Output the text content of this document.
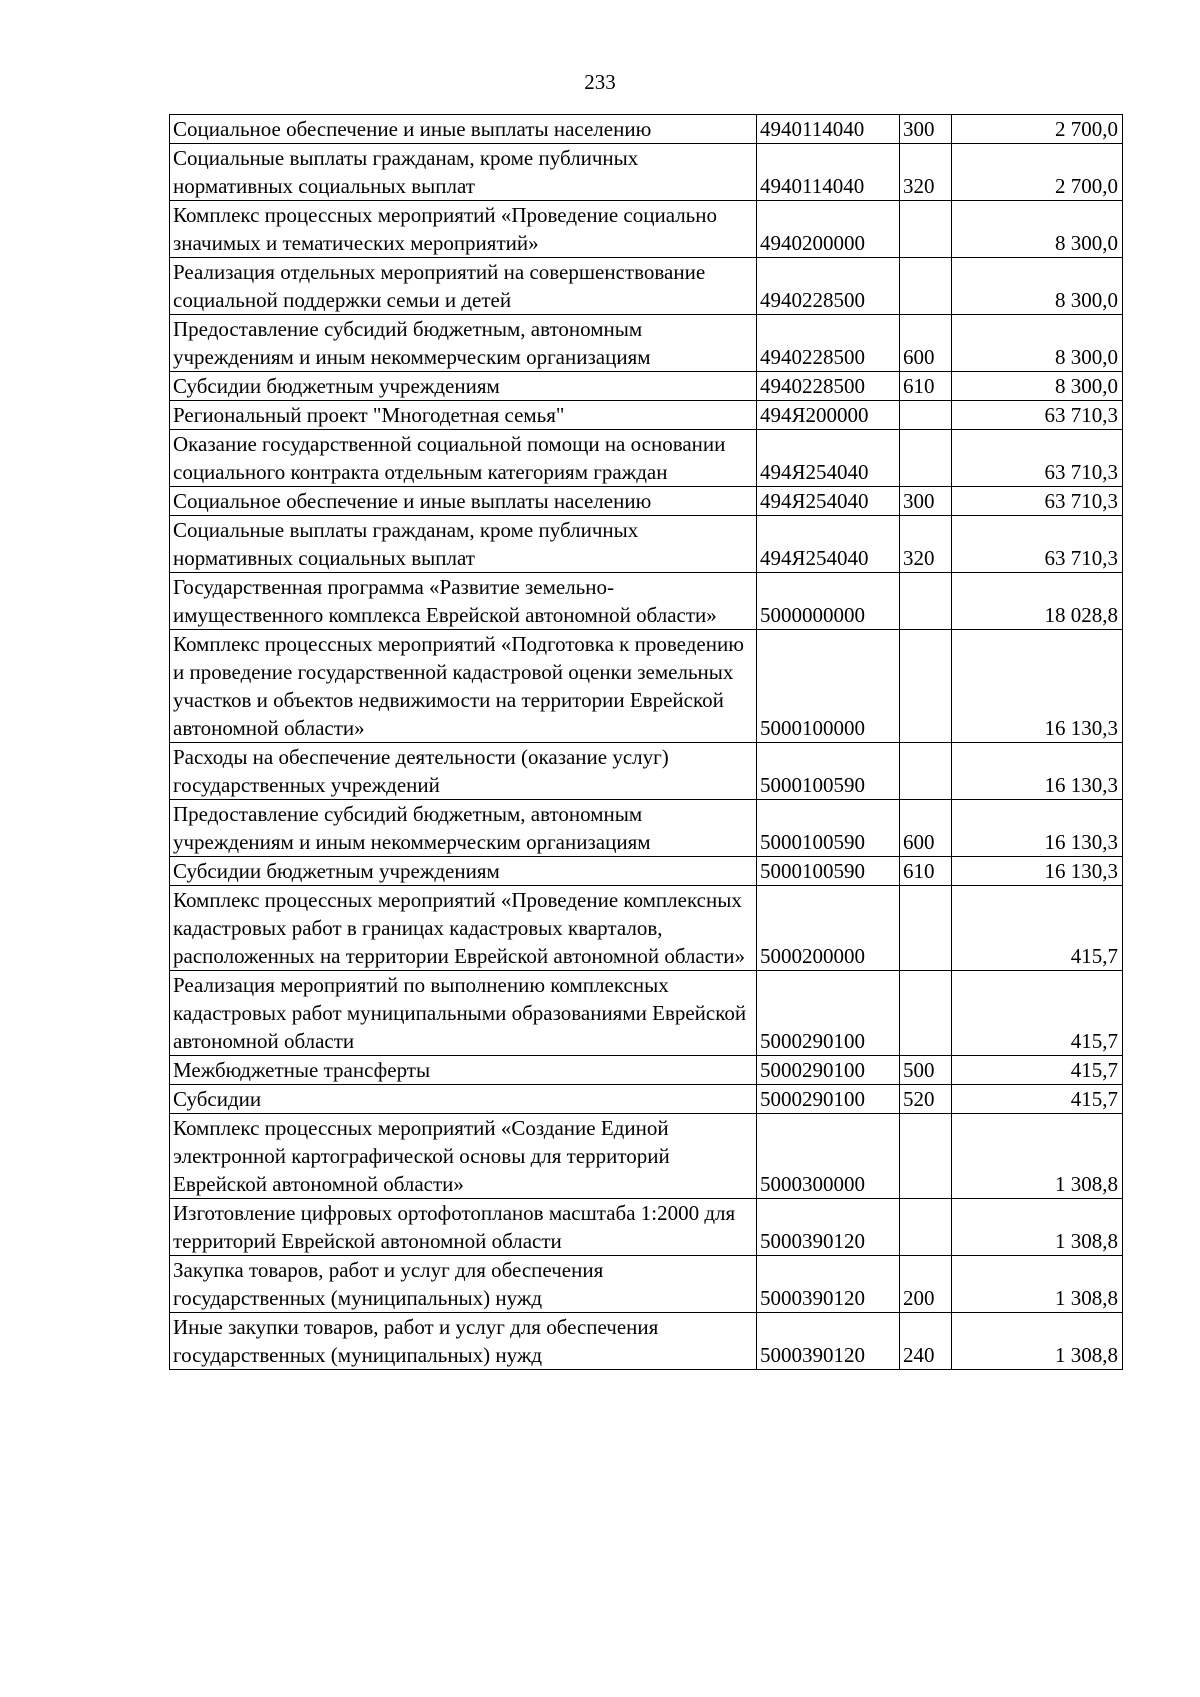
233
Социальное обеспечение и иные выплаты населению	4940114040	300	2 700,0
Социальные выплаты гражданам, кроме публичных нормативных социальных выплат	4940114040	320	2 700,0
Комплекс процессных мероприятий «Проведение социально значимых и тематических мероприятий»	4940200000		8 300,0
Реализация отдельных мероприятий на совершенствование социальной поддержки семьи и детей	4940228500		8 300,0
Предоставление субсидий бюджетным, автономным учреждениям и иным некоммерческим организациям	4940228500	600	8 300,0
Субсидии бюджетным учреждениям	4940228500	610	8 300,0
Региональный проект "Многодетная семья"	494Я200000		63 710,3
Оказание государственной социальной помощи на основании социального контракта отдельным категориям граждан	494Я254040		63 710,3
Социальное обеспечение и иные выплаты населению	494Я254040	300	63 710,3
Социальные выплаты гражданам, кроме публичных нормативных социальных выплат	494Я254040	320	63 710,3
Государственная программа «Развитие земельно-имущественного комплекса Еврейской автономной области»	5000000000		18 028,8
Комплекс процессных мероприятий «Подготовка к проведению и проведение государственной кадастровой оценки земельных участков и объектов недвижимости на территории Еврейской автономной области»	5000100000		16 130,3
Расходы на обеспечение деятельности (оказание услуг) государственных учреждений	5000100590		16 130,3
Предоставление субсидий бюджетным, автономным учреждениям и иным некоммерческим организациям	5000100590	600	16 130,3
Субсидии бюджетным учреждениям	5000100590	610	16 130,3
Комплекс процессных мероприятий «Проведение комплексных кадастровых работ в границах кадастровых кварталов, расположенных на территории Еврейской автономной области»	5000200000		415,7
Реализация мероприятий по выполнению комплексных кадастровых работ муниципальными образованиями Еврейской автономной области	5000290100		415,7
Межбюджетные трансферты	5000290100	500	415,7
Субсидии	5000290100	520	415,7
Комплекс процессных мероприятий «Создание Единой электронной картографической основы для территорий Еврейской автономной области»	5000300000		1 308,8
Изготовление цифровых ортофотопланов масштаба 1:2000 для территорий Еврейской автономной области	5000390120		1 308,8
Закупка товаров, работ и услуг для обеспечения государственных (муниципальных) нужд	5000390120	200	1 308,8
Иные закупки товаров, работ и услуг для обеспечения государственных (муниципальных) нужд	5000390120	240	1 308,8
